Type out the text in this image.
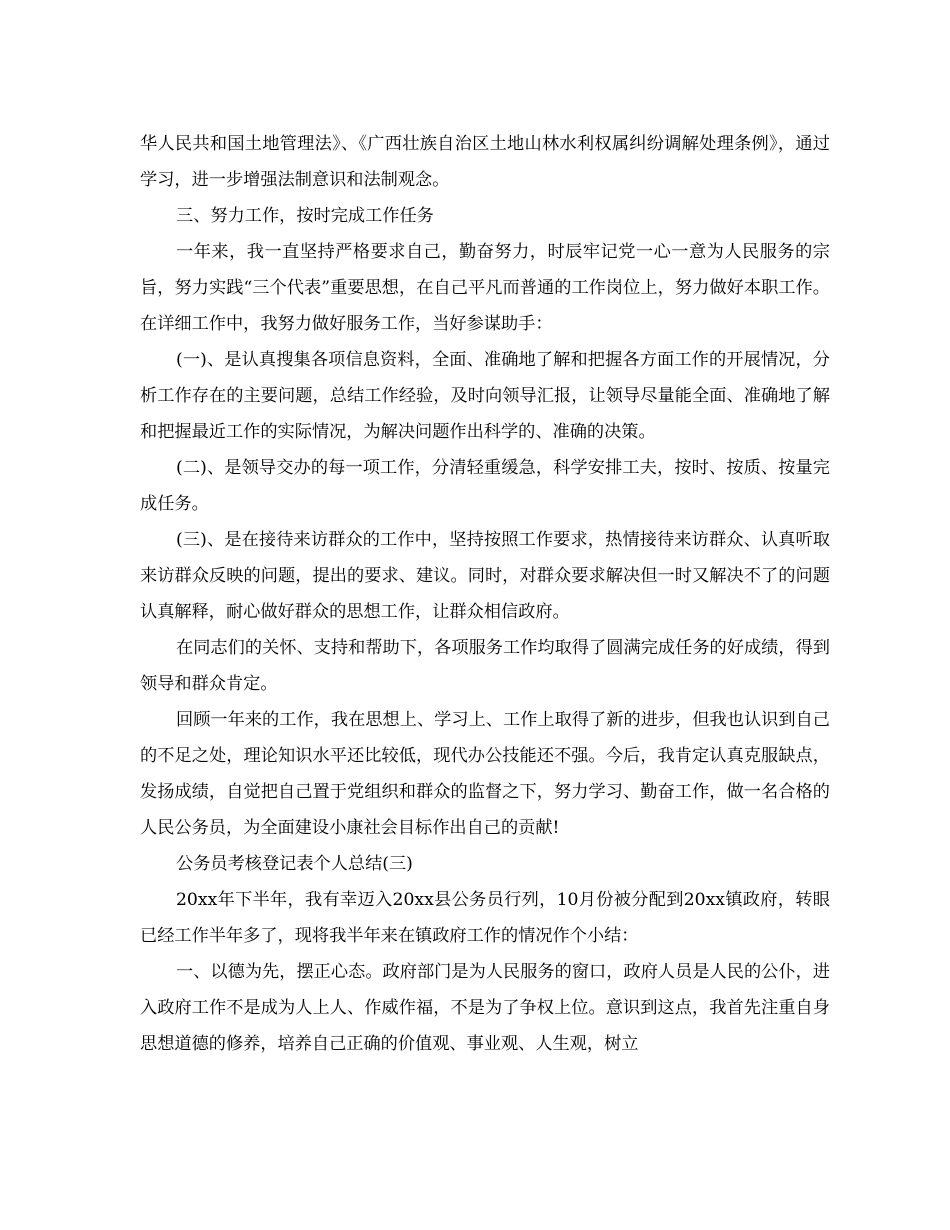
华人民共和国土地管理法》、《广西壮族自治区土地山林水利权属纠纷调解处理条例》，通过学习，进一步增强法制意识和法制观念。

三、努力工作，按时完成工作任务

一年来，我一直坚持严格要求自己，勤奋努力，时辰牢记党一心一意为人民服务的宗旨，努力实践“三个代表”重要思想，在自己平凡而普通的工作岗位上，努力做好本职工作。在详细工作中，我努力做好服务工作，当好参谋助手：

(一)、是认真搜集各项信息资料，全面、准确地了解和把握各方面工作的开展情况，分析工作存在的主要问题，总结工作经验，及时向领导汇报，让领导尽量能全面、准确地了解和把握最近工作的实际情况，为解决问题作出科学的、准确的决策。

(二)、是领导交办的每一项工作，分清轻重缓急，科学安排工夫，按时、按质、按量完成任务。

(三)、是在接待来访群众的工作中，坚持按照工作要求，热情接待来访群众、认真听取来访群众反映的问题，提出的要求、建议。同时，对群众要求解决但一时又解决不了的问题认真解释，耐心做好群众的思想工作，让群众相信政府。

在同志们的关怀、支持和帮助下，各项服务工作均取得了圆满完成任务的好成绩，得到领导和群众肯定。

回顾一年来的工作，我在思想上、学习上、工作上取得了新的进步，但我也认识到自己的不足之处，理论知识水平还比较低，现代办公技能还不强。今后，我肯定认真克服缺点，发扬成绩，自觉把自己置于党组织和群众的监督之下，努力学习、勤奋工作，做一名合格的人民公务员，为全面建设小康社会目标作出自己的贡献!

公务员考核登记表个人总结(三)

20xx年下半年，我有幸迈入20xx县公务员行列，10月份被分配到20xx镇政府，转眼已经工作半年多了，现将我半年来在镇政府工作的情况作个小结：

一、以德为先，摆正心态。政府部门是为人民服务的窗口，政府人员是人民的公仆，进入政府工作不是成为人上人、作威作福，不是为了争权上位。意识到这点，我首先注重自身思想道德的修养，培养自己正确的价值观、事业观、人生观，树立
